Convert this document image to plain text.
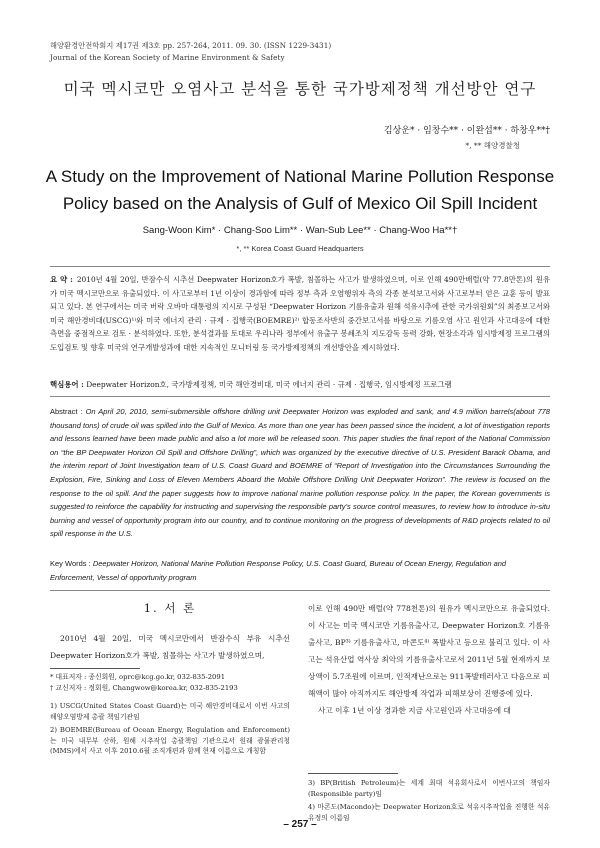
해양환경안전학회지 제17권 제3호 pp. 257-264, 2011. 09. 30. (ISSN 1229-3431)
Journal of the Korean Society of Marine Environment & Safety
미국 멕시코만 오염사고 분석을 통한 국가방제정책 개선방안 연구
김상운* · 임창수** · 이완섭** · 하창우**†
*, ** 해양경찰청
A Study on the Improvement of National Marine Pollution Response
Policy based on the Analysis of Gulf of Mexico Oil Spill Incident
Sang-Woon Kim* · Chang-Soo Lim** · Wan-Sub Lee** · Chang-Woo Ha**†
*, ** Korea Coast Guard Headquarters
요 약 : 2010년 4월 20일, 반잠수식 시추선 Deepwater Horizon호가 폭발, 침몰하는 사고가 발생하였으며, 이로 인해 490만배럴(약 77.8만톤)의 원유가 미국 멕시코만으로 유출되었다. 이 사고로부터 1년 이상이 경과함에 따라 정부 측과 오염행위자 측의 각종 분석보고서와 사고로부터 얻은 교훈 등이 발표되고 있다. 본 연구에서는 미국 버락 오바마 대통령의 지시로 구성된 “Deepwater Horizon 기름유출과 원해 석유시추에 관한 국가위원회”의 최종보고서와 미국 해안경비대(USCG)¹⁾와 미국 에너지 관리 · 규제 · 집행국(BOEMRE)²⁾ 합동조사반의 중간보고서를 바탕으로 기름오염 사고 원인과 사고대응에 대한 측면을 중점적으로 검토 · 분석하였다. 또한, 분석결과를 토대로 우리나라 정부에서 유출구 봉쇄조치 지도감독 등력 강화, 현장소각과 임시방제정 프로그램의 도입검토 및 향후 미국의 연구개발성과에 대한 지속적인 모니터링 등 국가방제정책의 개선방안을 제시하였다.
핵심용어 : Deepwater Horizon호, 국가방제정책, 미국 해안경비대, 미국 에너지 관리 · 규제 · 집행국, 임시방제정 프로그램
Abstract : On April 20, 2010, semi-submersible offshore drilling unit Deepwater Horizon was exploded and sank, and 4.9 million barrels(about 778 thousand tons) of crude oil was spilled into the Gulf of Mexico. As more than one year has been passed since the incident, a lot of investigation reports and lessons learned have been made public and also a lot more will be released soon. This paper studies the final report of the National Commission on “the BP Deepwater Horizon Oil Spill and Offshore Drilling”, which was organized by the executive directive of U.S. President Barack Obama, and the interim report of Joint Investigation team of U.S. Coast Guard and BOEMRE of “Report of Investigation into the Circumstances Surrounding the Explosion, Fire, Sinking and Loss of Eleven Members Aboard the Mobile Offshore Drilling Unit Deepwater Horizon”. The review is focused on the response to the oil spill. And the paper suggests how to improve national marine pollution response policy. In the paper, the Korean governments is suggested to reinforce the capability for instructing and supervising the responsible party’s source control measures, to review how to introduce in-situ burning and vessel of opportunity program into our country, and to continue monitoring on the progress of developments of R&D projects related to oil spill response in the U.S.
Key Words : Deepwater Horizon, National Marine Pollution Response Policy, U.S. Coast Guard, Bureau of Ocean Energy, Regulation and Enforcement, Vessel of opportunity program
1. 서 론
2010년 4월 20일, 미국 멕시코만에서 반잠수식 부유 시추선 Deepwater Horizon호가 폭발, 침몰하는 사고가 발생하였으며,
* 대표저자 : 종신회원, oprc@kcg.go.kr, 032-835-2091
† 교신저자 : 정회원, Changwow@korea.kr, 032-835-2193
1) USCG(United States Coast Guard)는 미국 해안경비대로서 이번 사고의 해양오염방제 총괄 책임기관임
2) BOEMRE(Bureau of Ocean Energy, Regulation and Enforcement)는 미국 내무부 산하, 원해 시추작업 총괄책임 기관으로서 원래 광물관리청(MMS)에서 사고 이후 2010.6월 조직개편과 함께 현재 이름으로 개칭함
이로 인해 490만 배럴(약 778천톤)의 원유가 멕시코만으로 유출되었다. 이 사고는 미국 멕시코만 기름유출사고, Deepwater Horizon호 기름유출사고, BP³⁾ 기름유출사고, 마콘도⁴⁾ 폭발사고 등으로 불리고 있다. 이 사고는 석유산업 역사상 최악의 기름유출사고로서 2011년 5월 현재까지 보상액이 5.7조원에 이르며, 인적재난으로는 911폭발테러사고 다음으로 피해액이 많아 아직까지도 해안방제 작업과 피해보상이 진행중에 있다.
사고 이후 1년 이상 경과한 지금 사고원인과 사고대응에 대
3) BP(British Petroleum)는 세계 최대 석유회사로서 이번사고의 책임자(Responsible party)임
4) 마콘도(Macondo)는 Deepwater Horizon호로 석유시추작업을 진행한 석유유정의 이름임
– 257 –
